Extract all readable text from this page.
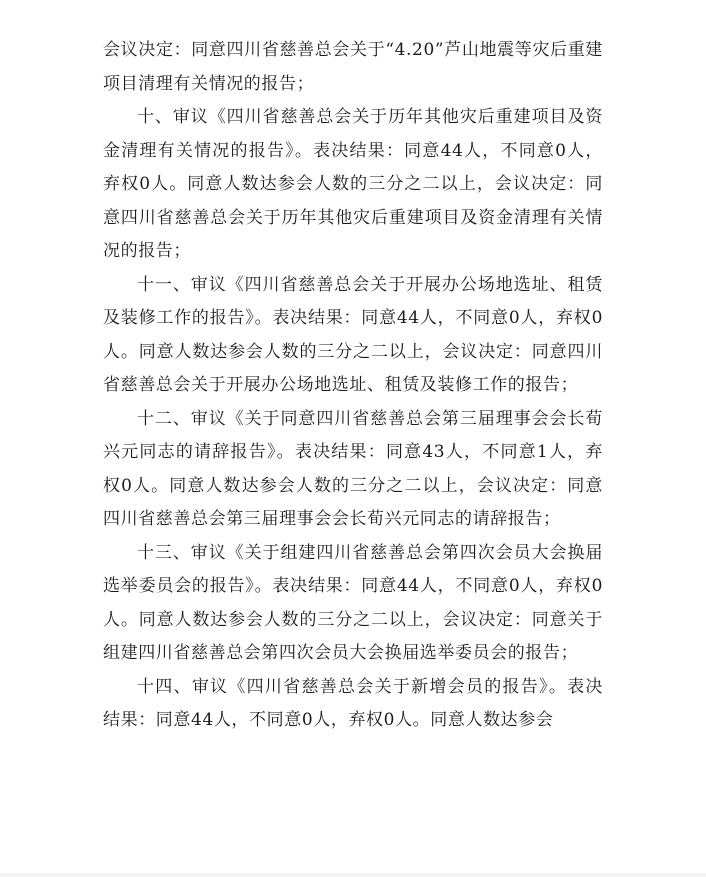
会议决定：同意四川省慈善总会关于“4.20”芦山地震等灾后重建项目清理有关情况的报告；

十、审议《四川省慈善总会关于历年其他灾后重建项目及资金清理有关情况的报告》。表决结果：同意44人，不同意0人，弃权0人。同意人数达参会人数的三分之二以上，会议决定：同意四川省慈善总会关于历年其他灾后重建项目及资金清理有关情况的报告；

十一、审议《四川省慈善总会关于开展办公场地选址、租赁及装修工作的报告》。表决结果：同意44人，不同意0人，弃权0人。同意人数达参会人数的三分之二以上，会议决定：同意四川省慈善总会关于开展办公场地选址、租赁及装修工作的报告；

十二、审议《关于同意四川省慈善总会第三届理事会会长荀兴元同志的请辞报告》。表决结果：同意43人，不同意1人，弃权0人。同意人数达参会人数的三分之二以上，会议决定：同意四川省慈善总会第三届理事会会长荀兴元同志的请辞报告；

十三、审议《关于组建四川省慈善总会第四次会员大会换届选举委员会的报告》。表决结果：同意44人，不同意0人，弃权0人。同意人数达参会人数的三分之二以上，会议决定：同意关于组建四川省慈善总会第四次会员大会换届选举委员会的报告；

十四、审议《四川省慈善总会关于新增会员的报告》。表决结果：同意44人，不同意0人，弃权0人。同意人数达参会
